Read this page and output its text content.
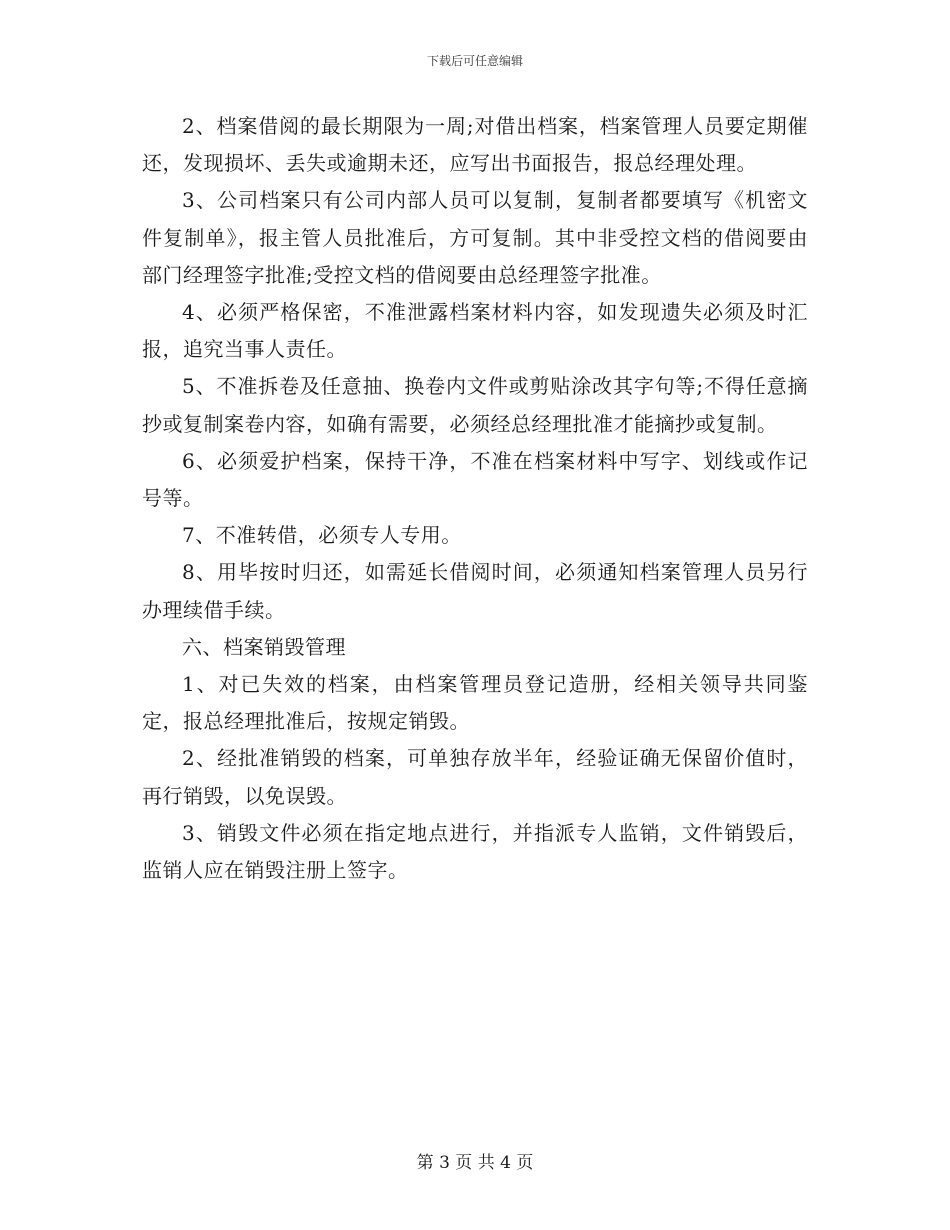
下载后可任意编辑

2、档案借阅的最长期限为一周;对借出档案，档案管理人员要定期催还，发现损坏、丢失或逾期未还，应写出书面报告，报总经理处理。

3、公司档案只有公司内部人员可以复制，复制者都要填写《机密文件复制单》，报主管人员批准后，方可复制。其中非受控文档的借阅要由部门经理签字批准;受控文档的借阅要由总经理签字批准。

4、必须严格保密，不准泄露档案材料内容，如发现遗失必须及时汇报，追究当事人责任。

5、不准拆卷及任意抽、换卷内文件或剪贴涂改其字句等;不得任意摘抄或复制案卷内容，如确有需要，必须经总经理批准才能摘抄或复制。

6、必须爱护档案，保持干净，不准在档案材料中写字、划线或作记号等。

7、不准转借，必须专人专用。

8、用毕按时归还，如需延长借阅时间，必须通知档案管理人员另行办理续借手续。

六、档案销毁管理

1、对已失效的档案，由档案管理员登记造册，经相关领导共同鉴定，报总经理批准后，按规定销毁。

2、经批准销毁的档案，可单独存放半年，经验证确无保留价值时，再行销毁，以免误毁。

3、销毁文件必须在指定地点进行，并指派专人监销，文件销毁后，监销人应在销毁注册上签字。

第 3 页 共 4 页
